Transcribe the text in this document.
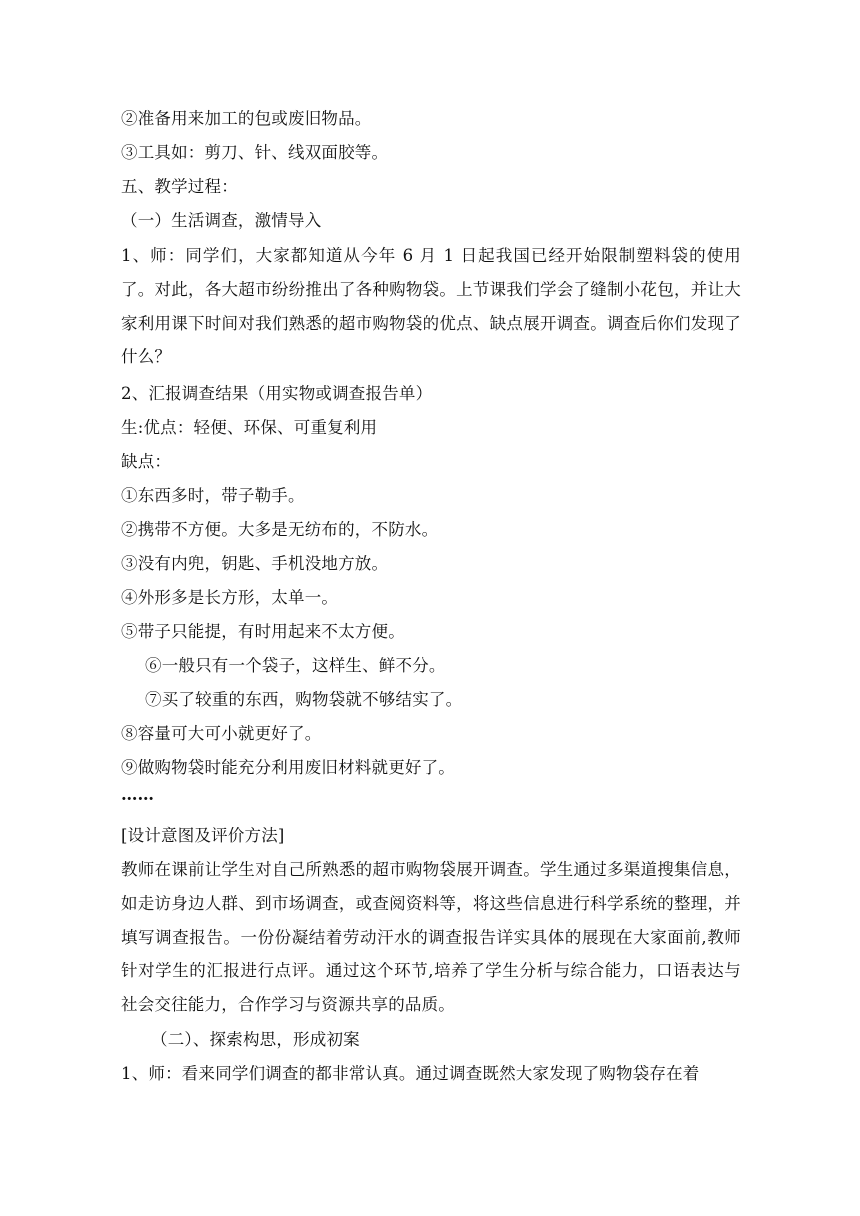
②准备用来加工的包或废旧物品。
③工具如：剪刀、针、线双面胶等。
五、教学过程：
（一）生活调查，激情导入
1、师：同学们，大家都知道从今年 6 月 1 日起我国已经开始限制塑料袋的使用了。对此，各大超市纷纷推出了各种购物袋。上节课我们学会了缝制小花包，并让大家利用课下时间对我们熟悉的超市购物袋的优点、缺点展开调查。调查后你们发现了什么？
2、汇报调查结果（用实物或调查报告单）
生:优点：轻便、环保、可重复利用
缺点：
①东西多时，带子勒手。
②携带不方便。大多是无纺布的，不防水。
③没有内兜，钥匙、手机没地方放。
④外形多是长方形，太单一。
⑤带子只能提，有时用起来不太方便。
⑥一般只有一个袋子，这样生、鲜不分。
⑦买了较重的东西，购物袋就不够结实了。
⑧容量可大可小就更好了。
⑨做购物袋时能充分利用废旧材料就更好了。
……
[设计意图及评价方法]
教师在课前让学生对自己所熟悉的超市购物袋展开调查。学生通过多渠道搜集信息，如走访身边人群、到市场调查，或查阅资料等，将这些信息进行科学系统的整理，并填写调查报告。一份份凝结着劳动汗水的调查报告详实具体的展现在大家面前,教师针对学生的汇报进行点评。通过这个环节,培养了学生分析与综合能力，口语表达与社会交往能力，合作学习与资源共享的品质。
（二）、探索构思，形成初案
1、师：看来同学们调查的都非常认真。通过调查既然大家发现了购物袋存在着
